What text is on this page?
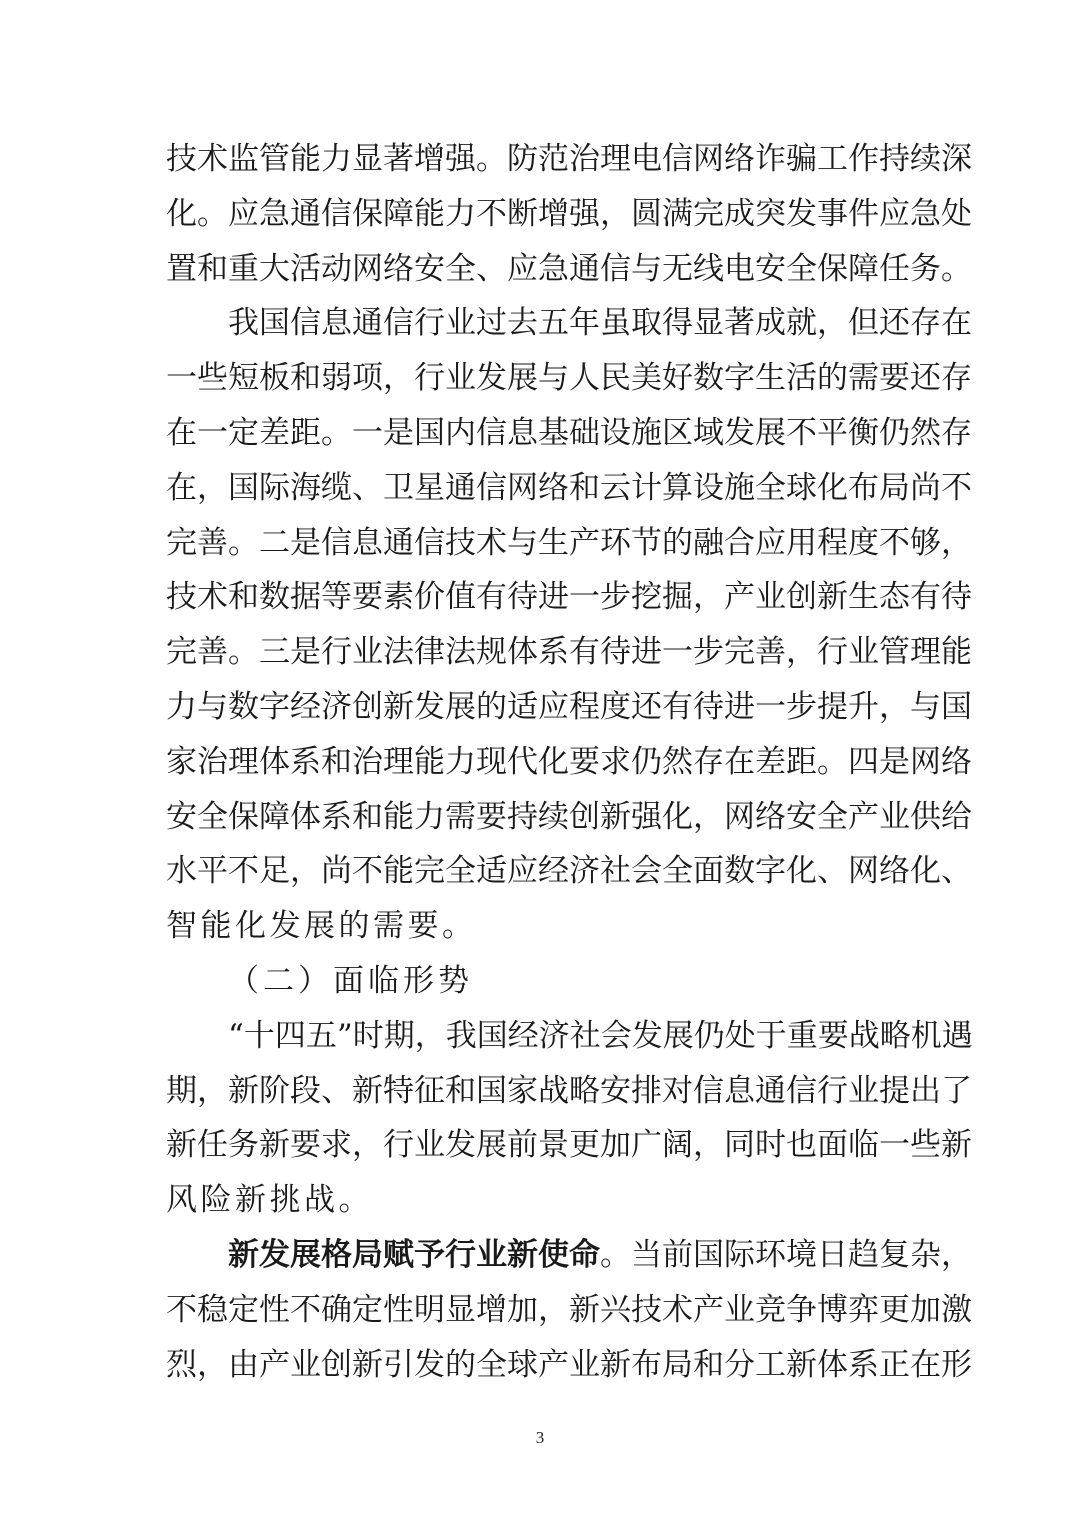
技术监管能力显著增强。防范治理电信网络诈骗工作持续深
化。应急通信保障能力不断增强，圆满完成突发事件应急处
置和重大活动网络安全、应急通信与无线电安全保障任务。
我国信息通信行业过去五年虽取得显著成就，但还存在
一些短板和弱项，行业发展与人民美好数字生活的需要还存
在一定差距。一是国内信息基础设施区域发展不平衡仍然存
在，国际海缆、卫星通信网络和云计算设施全球化布局尚不
完善。二是信息通信技术与生产环节的融合应用程度不够，
技术和数据等要素价值有待进一步挖掘，产业创新生态有待
完善。三是行业法律法规体系有待进一步完善，行业管理能
力与数字经济创新发展的适应程度还有待进一步提升，与国
家治理体系和治理能力现代化要求仍然存在差距。四是网络
安全保障体系和能力需要持续创新强化，网络安全产业供给
水平不足，尚不能完全适应经济社会全面数字化、网络化、
智能化发展的需要。
（二）面临形势
“十四五”时期，我国经济社会发展仍处于重要战略机遇
期，新阶段、新特征和国家战略安排对信息通信行业提出了
新任务新要求，行业发展前景更加广阔，同时也面临一些新
风险新挑战。
新发展格局赋予行业新使命。当前国际环境日趋复杂，
不稳定性不确定性明显增加，新兴技术产业竞争博弈更加激
烈，由产业创新引发的全球产业新布局和分工新体系正在形
3
